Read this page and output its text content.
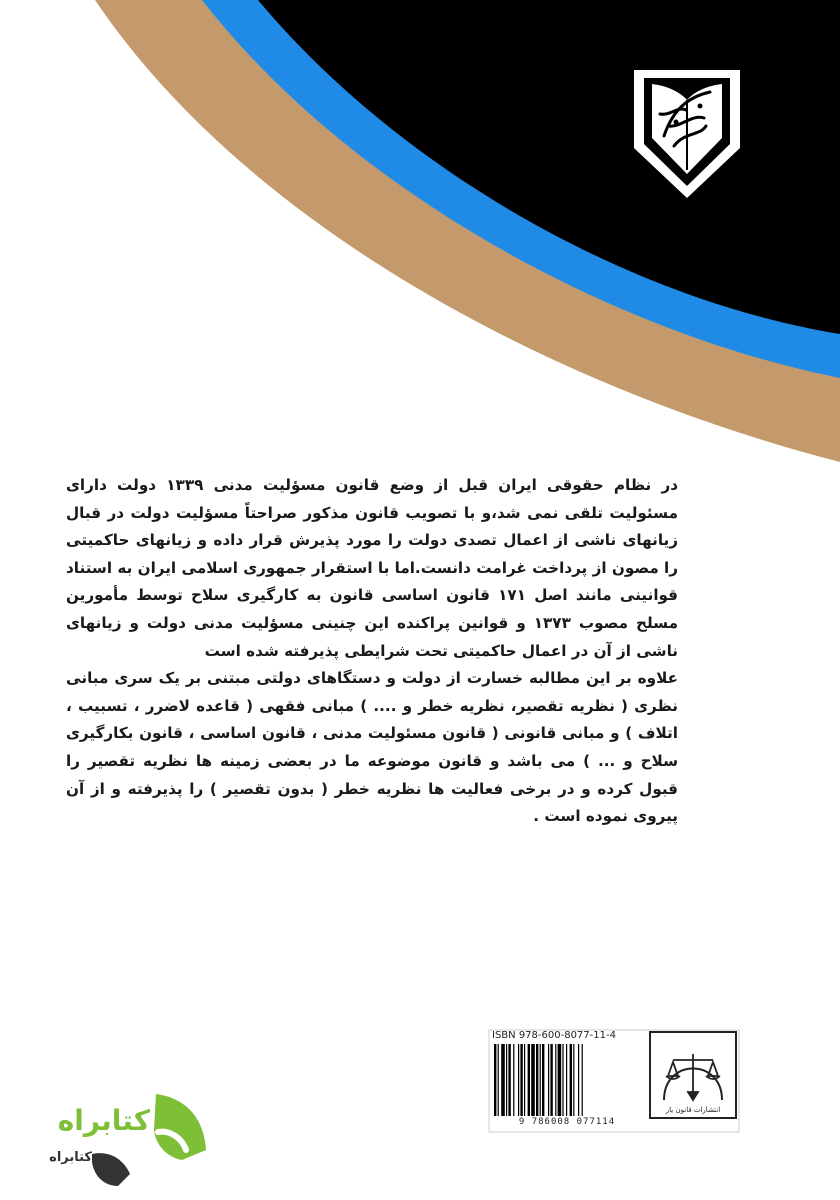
در نظام حقوقی ایران قبل از وضع قانون مسؤلیت مدنی ۱۳۳۹ دولت دارای مسئولیت تلقی نمی شد،و با تصویب قانون مذکور صراحتاً مسؤلیت دولت در قبال زیانهای ناشی از اعمال تصدی دولت را مورد پذیرش قرار داده و زیانهای حاکمیتی را مصون از پرداخت غرامت دانست.اما با استقرار جمهوری اسلامی ایران به استناد قوانینی مانند اصل ۱۷۱ قانون اساسی قانون به کارگیری سلاح توسط مأمورین مسلح مصوب ۱۳۷۳ و قوانین پراکنده این چنینی مسؤلیت مدنی دولت و زیانهای ناشی از آن در اعمال حاکمیتی تحت شرایطی پذیرفته شده است

علاوه بر این مطالبه خسارت از دولت و دستگاهای دولتی مبتنی بر یک سری مبانی نظری ( نظریه تقصیر، نظریه خطر و .... ) مبانی فقهی ( قاعده لاضرر ، تسبیب ، اتلاف ) و مبانی قانونی ( قانون مسئولیت مدنی ، قانون اساسی ، قانون بکارگیری سلاح و ... ) می باشد و قانون موضوعه ما در بعضی زمینه ها نظریه تقصیر را قبول کرده و در برخی فعالیت ها نظریه خطر ( بدون تقصیر ) را پذیرفته و از آن پیروی نموده است .

ISBN 978-600-8077-11-4
9 786008 077114
انتشارات قانون یار
کتابراه
کتابراه
